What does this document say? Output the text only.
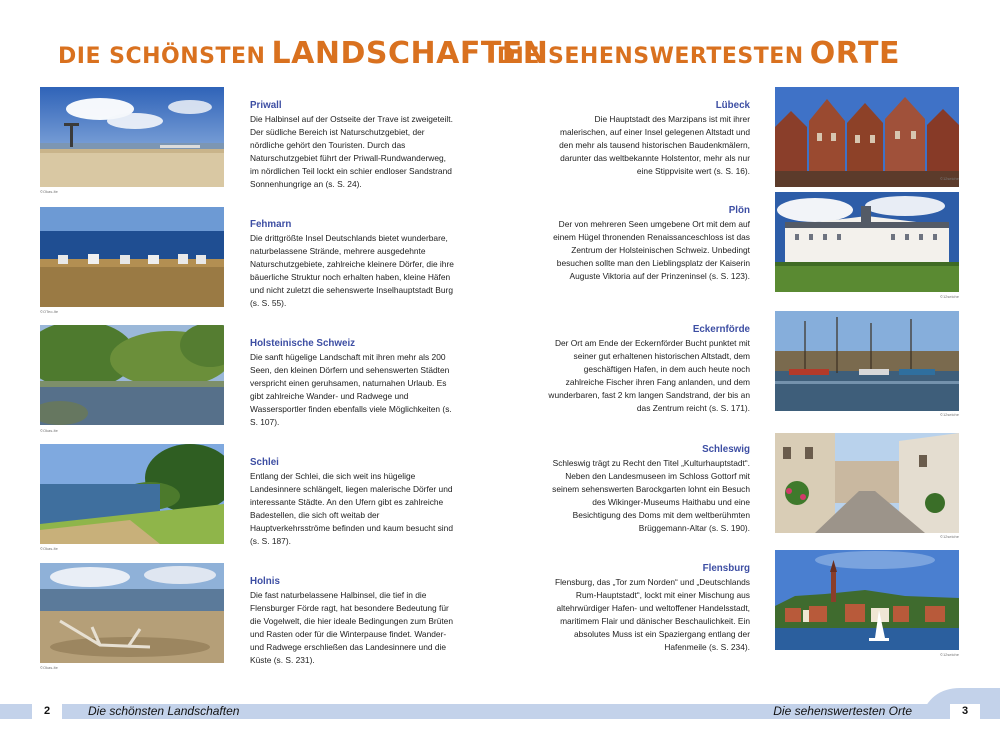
DIE SCHÖNSTEN LANDSCHAFTEN
DIE SEHENSWERTESTEN ORTE
©Okas-lte
Priwall

Die Halbinsel auf der Ostseite der Trave ist zweigeteilt. Der südliche Bereich ist Naturschutzgebiet, der nördliche gehört den Touristen. Durch das Naturschutzgebiet führt der Priwall-Rundwanderweg, im nördlichen Teil lockt ein schier endloser Sandstrand Sonnenhungrige an (s. S. 24).

©OTeo-lte
Fehmarn

Die drittgrößte Insel Deutschlands bietet wunderbare, naturbelassene Strände, mehrere ausgedehnte Naturschutzgebiete, zahlreiche kleinere Dörfer, die ihre bäuerliche Struktur noch erhalten haben, kleine Häfen und nicht zuletzt die sehenswerte Inselhauptstadt Burg (s. S. 55).

©Okas-lte
Holsteinische Schweiz

Die sanft hügelige Landschaft mit ihren mehr als 200 Seen, den kleinen Dörfern und sehenswerten Städten verspricht einen geruhsamen, naturnahen Urlaub. Es gibt zahlreiche Wander- und Radwege und Wassersportler finden ebenfalls viele Möglichkeiten (s. S. 107).

©Okas-lte
Schlei

Entlang der Schlei, die sich weit ins hügelige Landesinnere schlängelt, liegen malerische Dörfer und interessante Städte. An den Ufern gibt es zahlreiche Badestellen, die sich oft weitab der Hauptverkehrsströme befinden und kaum besucht sind (s. S. 187).

©Okas-lte
Holnis

Die fast naturbelassene Halbinsel, die tief in die Flensburger Förde ragt, hat besondere Bedeutung für die Vogelwelt, die hier ideale Bedingungen zum Brüten und Rasten oder für die Winterpause findet. Wander- und Radwege erschließen das Landesinnere und die Küste (s. S. 231).

Lübeck

Die Hauptstadt des Marzipans ist mit ihrer malerischen, auf einer Insel gelegenen Altstadt und den mehr als tausend historischen Baudenkmälern, darunter das weltbekannte Holstentor, mehr als nur eine Stippvisite wert (s. S. 16).

©12seiche
Plön

Der von mehreren Seen umgebene Ort mit dem auf einem Hügel thronenden Renaissanceschloss ist das Zentrum der Holsteinischen Schweiz. Unbedingt besuchen sollte man den Lieblingsplatz der Kaiserin Auguste Viktoria auf der Prinzeninsel (s. S. 123).

©12seiche
Eckernförde

Der Ort am Ende der Eckernförder Bucht punktet mit seiner gut erhaltenen historischen Altstadt, dem geschäftigen Hafen, in dem auch heute noch zahlreiche Fischer ihren Fang anlanden, und dem wunderbaren, fast 2 km langen Sandstrand, der bis an das Zentrum reicht (s. S. 171).

©12seiche
Schleswig

Schleswig trägt zu Recht den Titel „Kulturhauptstadt“. Neben den Landesmuseen im Schloss Gottorf mit seinem sehenswerten Barockgarten lohnt ein Besuch des Wikinger-Museums Haithabu und eine Besichtigung des Doms mit dem weltberühmten Brüggemann-Altar (s. S. 190).

©12seiche
Flensburg

Flensburg, das „Tor zum Norden“ und „Deutschlands Rum-Hauptstadt“, lockt mit einer Mischung aus altehrwürdiger Hafen- und weltoffener Handelsstadt, maritimem Flair und dänischer Beschaulichkeit. Ein absolutes Muss ist ein Spaziergang entlang der Hafenmeile (s. S. 234).

©12seiche
2	3
Die schönsten Landschaften	Die sehenswertesten Orte
